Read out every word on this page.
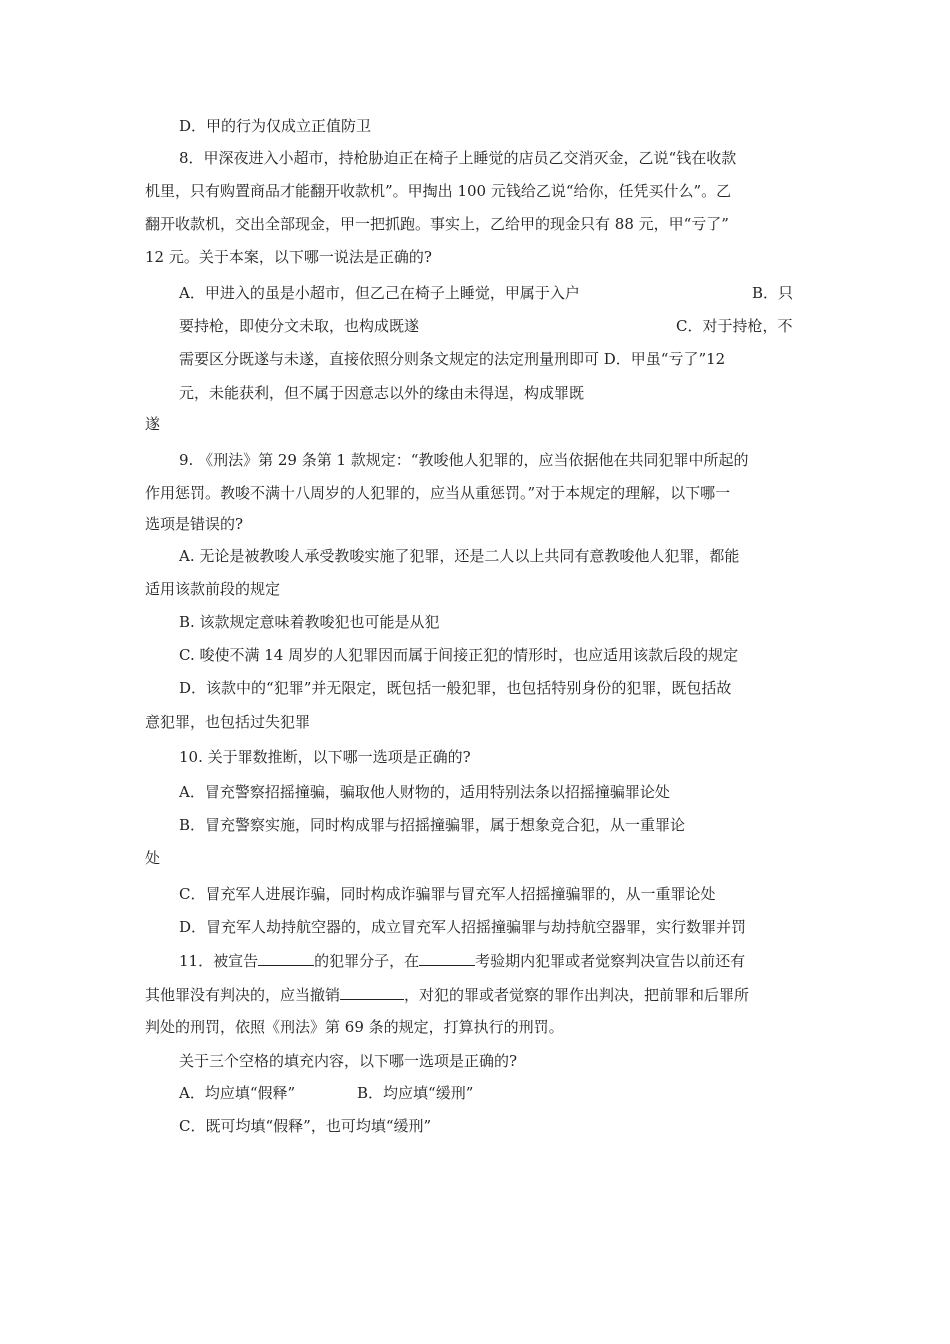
D．甲的行为仅成立正值防卫
8．甲深夜进入小超市，持枪胁迫正在椅子上睡觉的店员乙交消灭金，乙说“钱在收款
机里，只有购置商品才能翻开收款机”。甲掏出 100 元钱给乙说“给你，任凭买什么”。乙
翻开收款机，交出全部现金，甲一把抓跑。事实上，乙给甲的现金只有 88 元，甲“亏了”
12 元。关于本案，以下哪一说法是正确的?
A．甲进入的虽是小超市，但乙己在椅子上睡觉，甲属于入户	B．只
要持枪，即使分文未取，也构成既遂	C．对于持枪，不
需要区分既遂与未遂，直接依照分则条文规定的法定刑量刑即可 D．甲虽“亏了”12
元，未能获利，但不属于因意志以外的缘由未得逞，构成罪既
遂
9. 《刑法》第 29 条第 1 款规定：“教唆他人犯罪的，应当依据他在共同犯罪中所起的
作用惩罚。教唆不满十八周岁的人犯罪的，应当从重惩罚。”对于本规定的理解，以下哪一
选项是错误的?
A. 无论是被教唆人承受教唆实施了犯罪，还是二人以上共同有意教唆他人犯罪，都能
适用该款前段的规定
B. 该款规定意味着教唆犯也可能是从犯
C. 唆使不满 14 周岁的人犯罪因而属于间接正犯的情形时，也应适用该款后段的规定
D．该款中的“犯罪”并无限定，既包括一般犯罪，也包括特别身份的犯罪，既包括故
意犯罪，也包括过失犯罪
10. 关于罪数推断，以下哪一选项是正确的?
A．冒充警察招摇撞骗，骗取他人财物的，适用特别法条以招摇撞骗罪论处
B．冒充警察实施，同时构成罪与招摇撞骗罪，属于想象竞合犯，从一重罪论
处
C．冒充军人进展诈骗，同时构成诈骗罪与冒充军人招摇撞骗罪的，从一重罪论处
D．冒充军人劫持航空器的，成立冒充军人招摇撞骗罪与劫持航空器罪，实行数罪并罚
11．被宣告	的犯罪分子，在	考验期内犯罪或者觉察判决宣告以前还有
其他罪没有判决的，应当撤销	，对犯的罪或者觉察的罪作出判决，把前罪和后罪所
判处的刑罚，依照《刑法》第 69 条的规定，打算执行的刑罚。
关于三个空格的填充内容，以下哪一选项是正确的?
A．均应填“假释”	B．均应填“缓刑”
C．既可均填“假释”，也可均填“缓刑”
